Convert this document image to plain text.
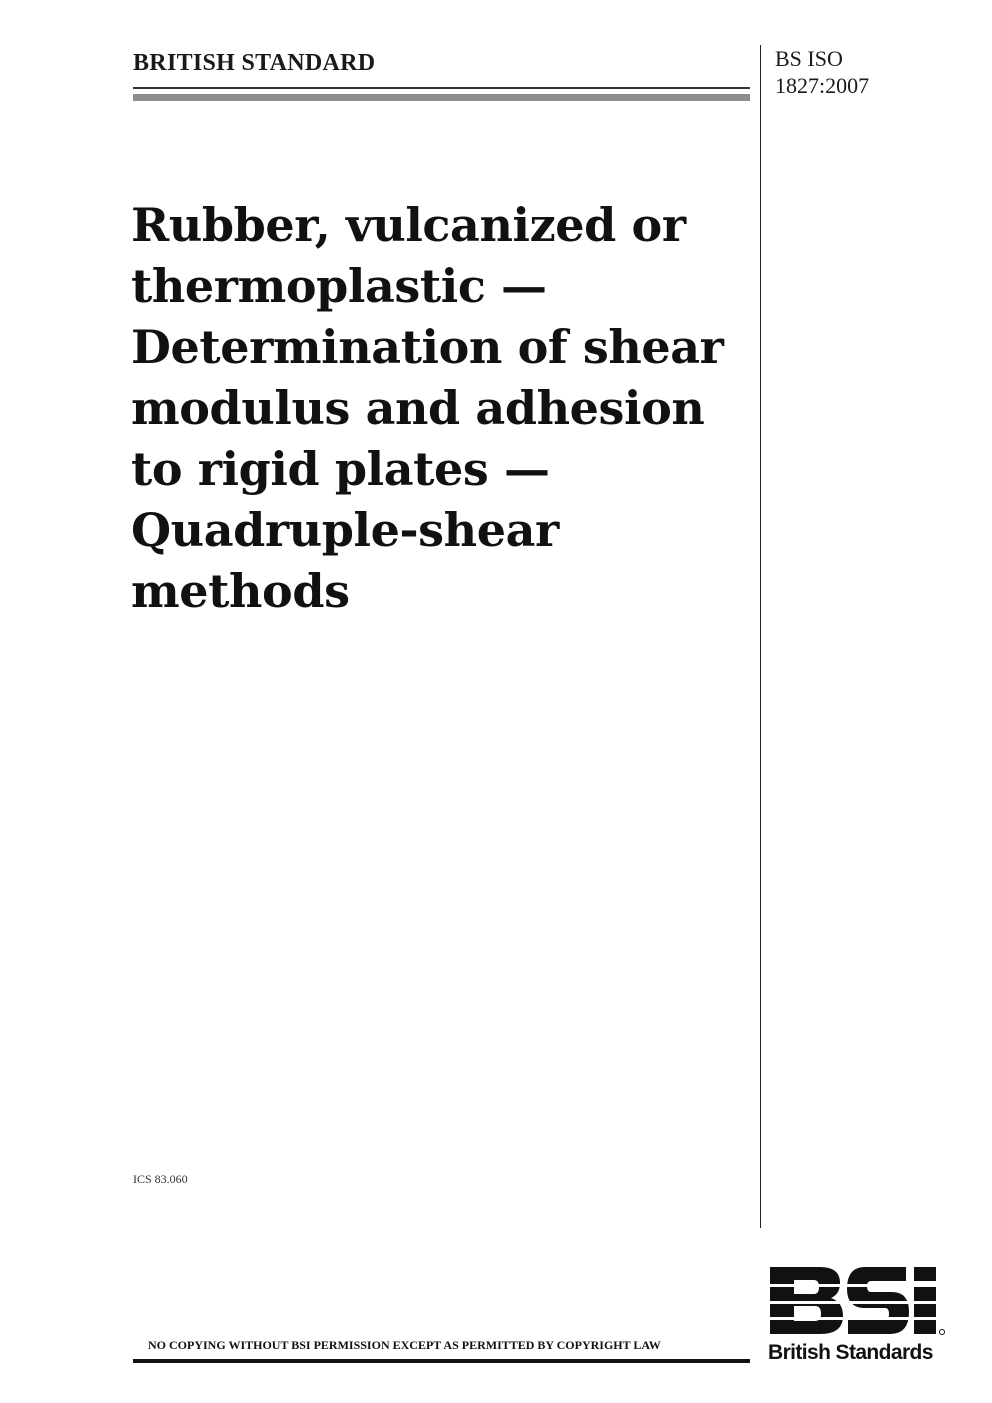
BRITISH STANDARD	BS ISO
1827:2007
Rubber, vulcanized or
thermoplastic —
Determination of shear
modulus and adhesion
to rigid plates —
Quadruple-shear
methods
ICS 83.060
NO COPYING WITHOUT BSI PERMISSION EXCEPT AS PERMITTED BY COPYRIGHT LAW	British Standards
